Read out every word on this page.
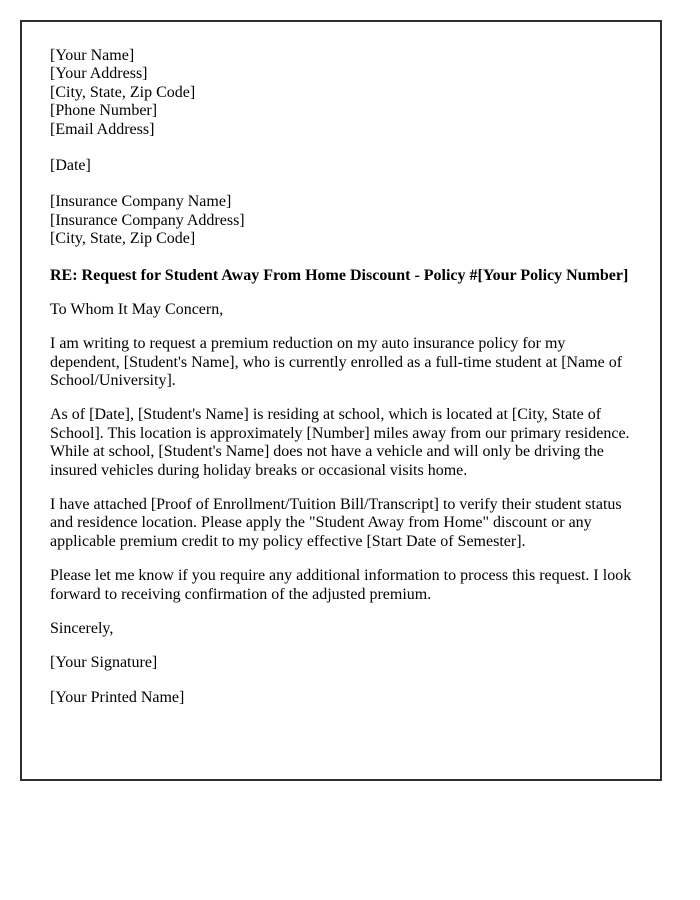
[Your Name]
[Your Address]
[City, State, Zip Code]
[Phone Number]
[Email Address]
[Date]
[Insurance Company Name]
[Insurance Company Address]
[City, State, Zip Code]

RE: Request for Student Away From Home Discount - Policy #[Your Policy Number]

To Whom It May Concern,

I am writing to request a premium reduction on my auto insurance policy for my dependent, [Student's Name], who is currently enrolled as a full-time student at [Name of School/University].

As of [Date], [Student's Name] is residing at school, which is located at [City, State of School]. This location is approximately [Number] miles away from our primary residence. While at school, [Student's Name] does not have a vehicle and will only be driving the insured vehicles during holiday breaks or occasional visits home.

I have attached [Proof of Enrollment/Tuition Bill/Transcript] to verify their student status and residence location. Please apply the "Student Away from Home" discount or any applicable premium credit to my policy effective [Start Date of Semester].

Please let me know if you require any additional information to process this request. I look forward to receiving confirmation of the adjusted premium.

Sincerely,

[Your Signature]

[Your Printed Name]
